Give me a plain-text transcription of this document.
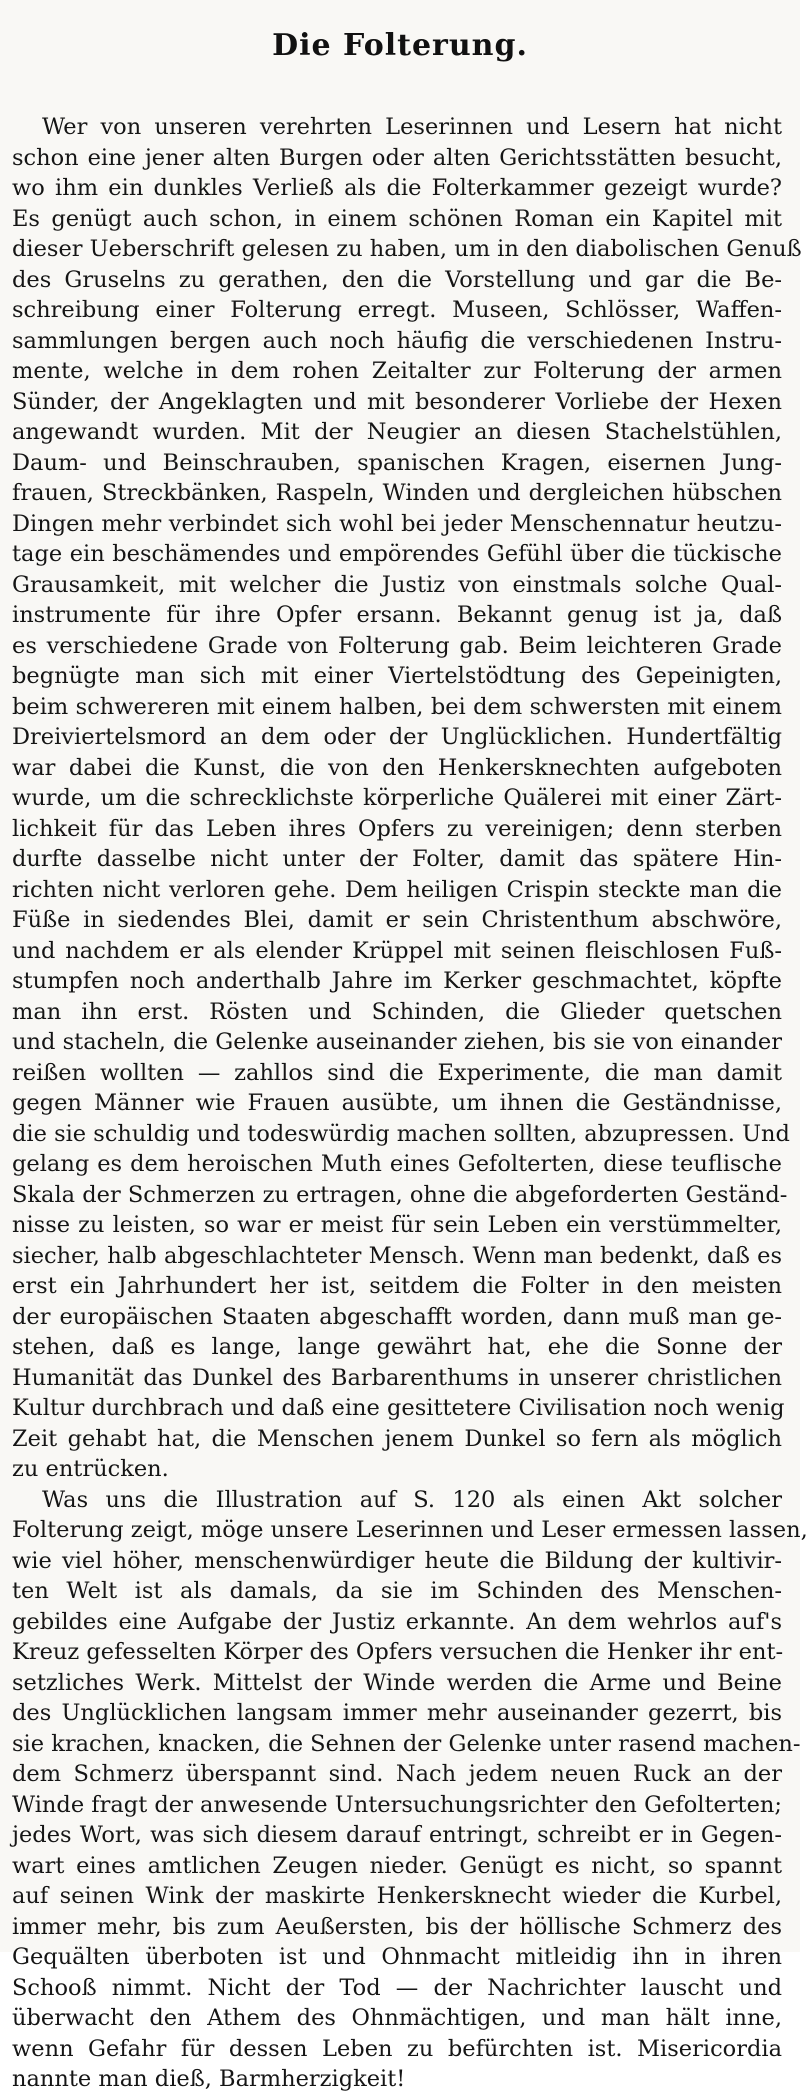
Die Folterung.
Wer von unseren verehrten Leserinnen und Lesern hat nicht
schon eine jener alten Burgen oder alten Gerichtsstätten besucht,
wo ihm ein dunkles Verließ als die Folterkammer gezeigt wurde?
Es genügt auch schon, in einem schönen Roman ein Kapitel mit
dieser Ueberschrift gelesen zu haben, um in den diabolischen Genuß
des Gruselns zu gerathen, den die Vorstellung und gar die Be-
schreibung einer Folterung erregt. Museen, Schlösser, Waffen-
sammlungen bergen auch noch häufig die verschiedenen Instru-
mente, welche in dem rohen Zeitalter zur Folterung der armen
Sünder, der Angeklagten und mit besonderer Vorliebe der Hexen
angewandt wurden. Mit der Neugier an diesen Stachelstühlen,
Daum- und Beinschrauben, spanischen Kragen, eisernen Jung-
frauen, Streckbänken, Raspeln, Winden und dergleichen hübschen
Dingen mehr verbindet sich wohl bei jeder Menschennatur heutzu-
tage ein beschämendes und empörendes Gefühl über die tückische
Grausamkeit, mit welcher die Justiz von einstmals solche Qual-
instrumente für ihre Opfer ersann. Bekannt genug ist ja, daß
es verschiedene Grade von Folterung gab. Beim leichteren Grade
begnügte man sich mit einer Viertelstödtung des Gepeinigten,
beim schwereren mit einem halben, bei dem schwersten mit einem
Dreiviertelsmord an dem oder der Unglücklichen. Hundertfältig
war dabei die Kunst, die von den Henkersknechten aufgeboten
wurde, um die schrecklichste körperliche Quälerei mit einer Zärt-
lichkeit für das Leben ihres Opfers zu vereinigen; denn sterben
durfte dasselbe nicht unter der Folter, damit das spätere Hin-
richten nicht verloren gehe. Dem heiligen Crispin steckte man die
Füße in siedendes Blei, damit er sein Christenthum abschwöre,
und nachdem er als elender Krüppel mit seinen fleischlosen Fuß-
stumpfen noch anderthalb Jahre im Kerker geschmachtet, köpfte
man ihn erst. Rösten und Schinden, die Glieder quetschen
und stacheln, die Gelenke auseinander ziehen, bis sie von einander
reißen wollten — zahllos sind die Experimente, die man damit
gegen Männer wie Frauen ausübte, um ihnen die Geständnisse,
die sie schuldig und todeswürdig machen sollten, abzupressen. Und
gelang es dem heroischen Muth eines Gefolterten, diese teuflische
Skala der Schmerzen zu ertragen, ohne die abgeforderten Geständ-
nisse zu leisten, so war er meist für sein Leben ein verstümmelter,
siecher, halb abgeschlachteter Mensch. Wenn man bedenkt, daß es
erst ein Jahrhundert her ist, seitdem die Folter in den meisten
der europäischen Staaten abgeschafft worden, dann muß man ge-
stehen, daß es lange, lange gewährt hat, ehe die Sonne der
Humanität das Dunkel des Barbarenthums in unserer christlichen
Kultur durchbrach und daß eine gesittetere Civilisation noch wenig
Zeit gehabt hat, die Menschen jenem Dunkel so fern als möglich
zu entrücken.
Was uns die Illustration auf S. 120 als einen Akt solcher
Folterung zeigt, möge unsere Leserinnen und Leser ermessen lassen,
wie viel höher, menschenwürdiger heute die Bildung der kultivir-
ten Welt ist als damals, da sie im Schinden des Menschen-
gebildes eine Aufgabe der Justiz erkannte. An dem wehrlos auf's
Kreuz gefesselten Körper des Opfers versuchen die Henker ihr ent-
setzliches Werk. Mittelst der Winde werden die Arme und Beine
des Unglücklichen langsam immer mehr auseinander gezerrt, bis
sie krachen, knacken, die Sehnen der Gelenke unter rasend machen-
dem Schmerz überspannt sind. Nach jedem neuen Ruck an der
Winde fragt der anwesende Untersuchungsrichter den Gefolterten;
jedes Wort, was sich diesem darauf entringt, schreibt er in Gegen-
wart eines amtlichen Zeugen nieder. Genügt es nicht, so spannt
auf seinen Wink der maskirte Henkersknecht wieder die Kurbel,
immer mehr, bis zum Aeußersten, bis der höllische Schmerz des
Gequälten überboten ist und Ohnmacht mitleidig ihn in ihren
Schooß nimmt. Nicht der Tod — der Nachrichter lauscht und
überwacht den Athem des Ohnmächtigen, und man hält inne,
wenn Gefahr für dessen Leben zu befürchten ist. Misericordia
nannte man dieß, Barmherzigkeit!
